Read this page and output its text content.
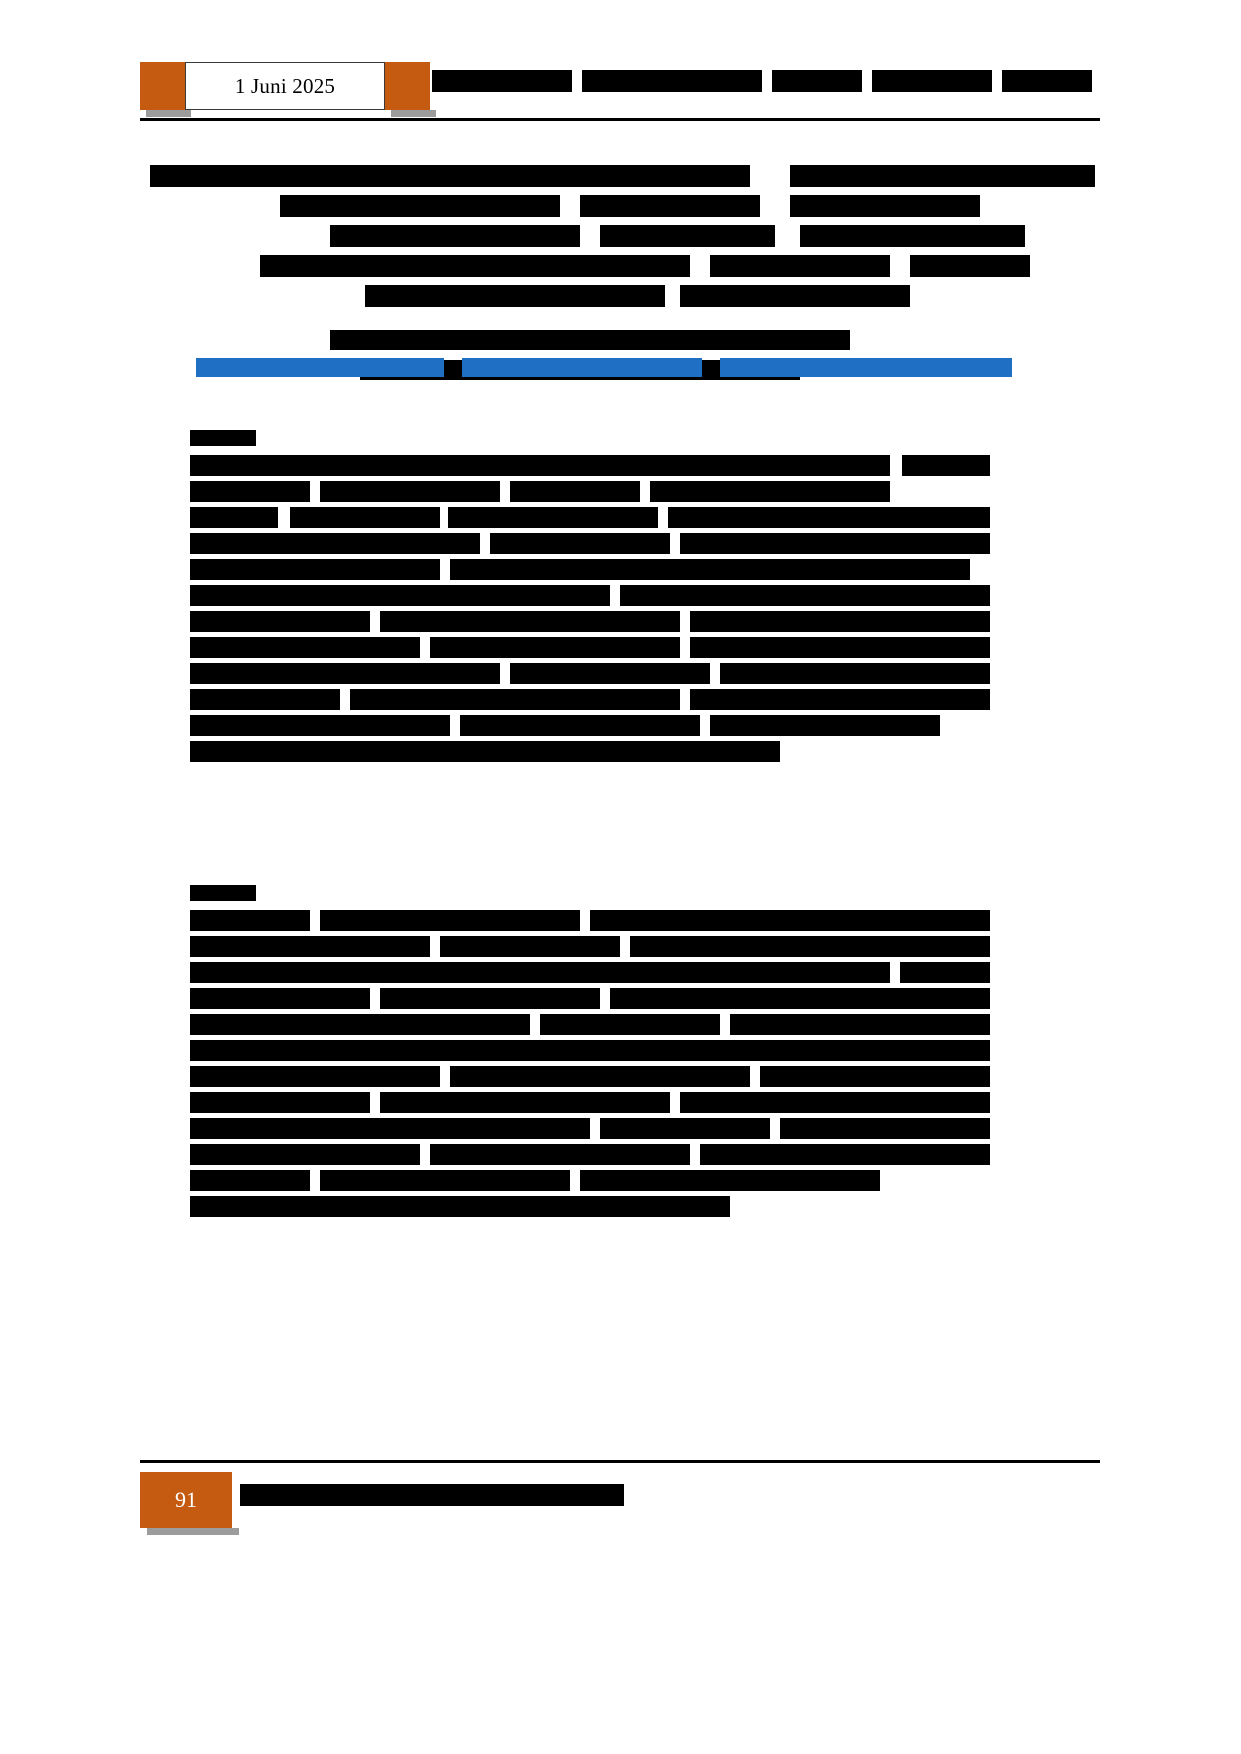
1 Juni 2025
91
